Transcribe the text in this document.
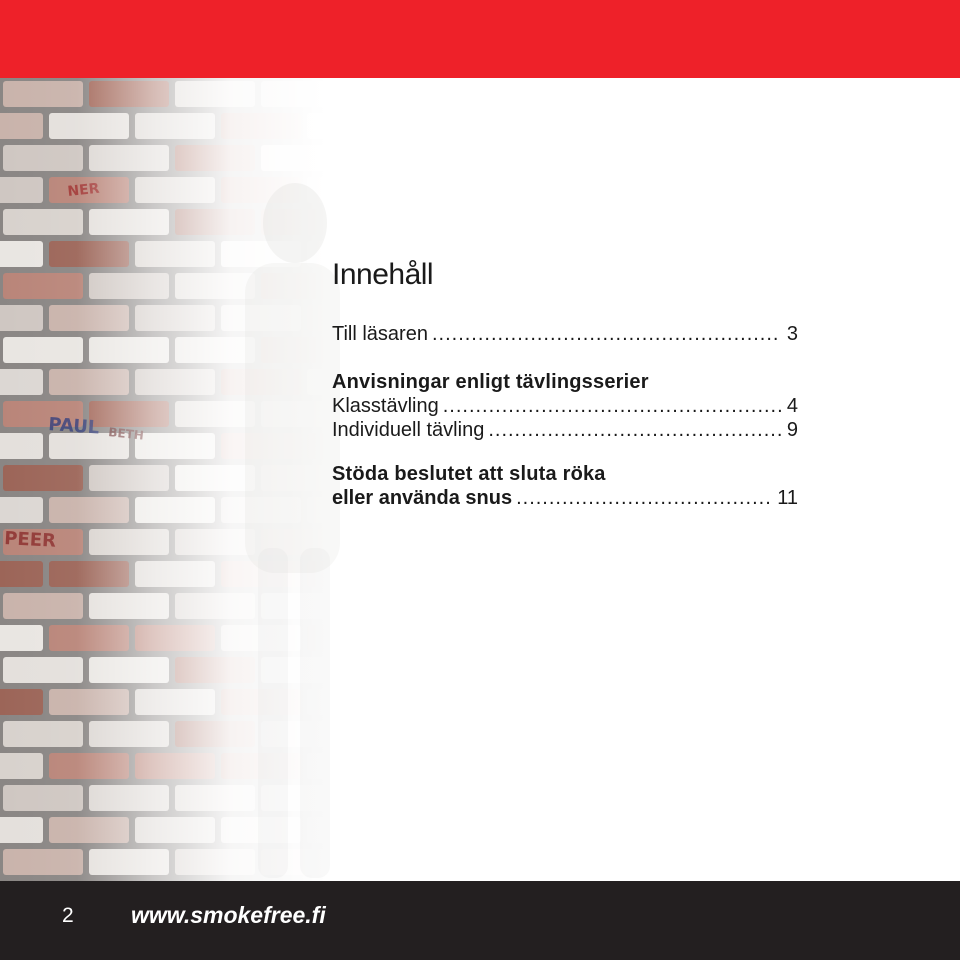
Innehåll
Till läsaren .....	3
Anvisningar enligt tävlingsserier
Klasstävling .....	4
Individuell tävling .....	9
Stöda beslutet att sluta röka
eller använda snus .....	11
2 www.smokefree.fi
